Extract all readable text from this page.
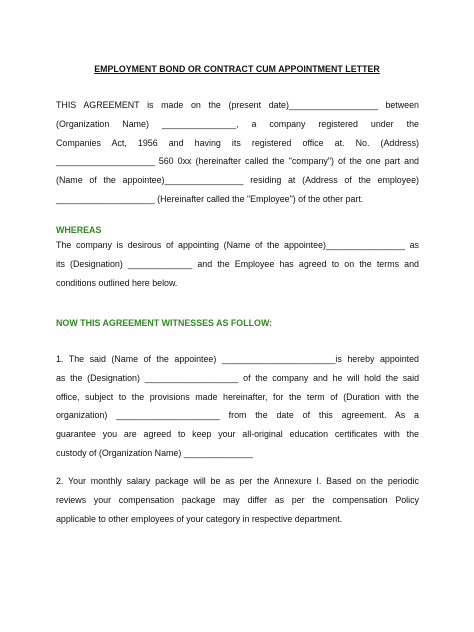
EMPLOYMENT BOND OR CONTRACT CUM APPOINTMENT LETTER
THIS AGREEMENT is made on the (present date)__________________ between
(Organization Name) _______________, a company registered under the
Companies Act, 1956 and having its registered office at. No. (Address)
____________________ 560 0xx (hereinafter called the "company") of the one part and
(Name of the appointee)________________ residing at (Address of the employee)
____________________ (Hereinafter called the "Employee") of the other part.
WHEREAS
The company is desirous of appointing (Name of the appointee)________________ as
its (Designation) _____________ and the Employee has agreed to on the terms and
conditions outlined here below.
NOW THIS AGREEMENT WITNESSES AS FOLLOW:
1. The said (Name of the appointee) _______________________is hereby appointed
as the (Designation) ___________________ of the company and he will hold the said
office, subject to the provisions made hereinafter, for the term of (Duration with the
organization) _____________________ from the date of this agreement. As a
guarantee you are agreed to keep your all-original education certificates with the
custody of (Organization Name) ______________
2. Your monthly salary package will be as per the Annexure I. Based on the periodic
reviews your compensation package may differ as per the compensation Policy
applicable to other employees of your category in respective department.
